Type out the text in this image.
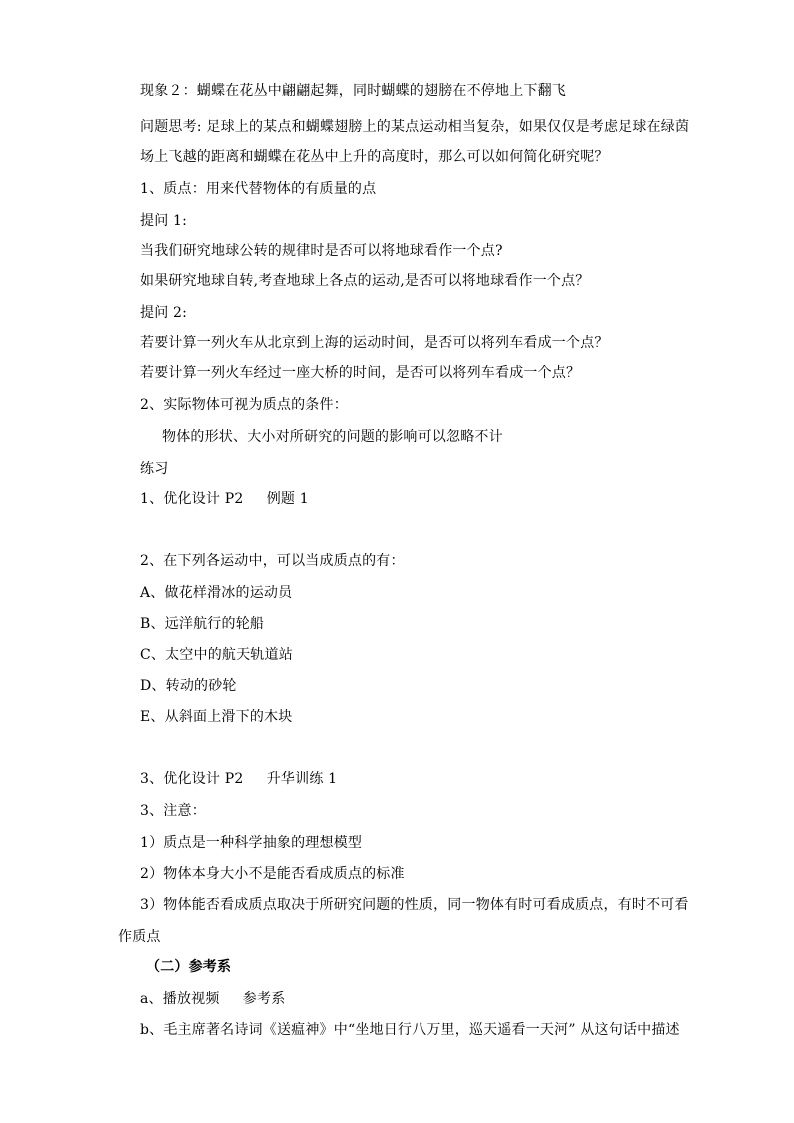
现象２：蝴蝶在花丛中翩翩起舞，同时蝴蝶的翅膀在不停地上下翻飞
问题思考: 足球上的某点和蝴蝶翅膀上的某点运动相当复杂，如果仅仅是考虑足球在绿茵
场上飞越的距离和蝴蝶在花丛中上升的高度时，那么可以如何简化研究呢？
1、质点：用来代替物体的有质量的点
提问 1:
当我们研究地球公转的规律时是否可以将地球看作一个点?
如果研究地球自转,考查地球上各点的运动,是否可以将地球看作一个点？
提问 2:
若要计算一列火车从北京到上海的运动时间，是否可以将列车看成一个点？
若要计算一列火车经过一座大桥的时间，是否可以将列车看成一个点？
2、实际物体可视为质点的条件：
物体的形状、大小对所研究的问题的影响可以忽略不计
练习
1、优化设计 P2     例题 1
2、在下列各运动中，可以当成质点的有：
A、做花样滑冰的运动员
B、远洋航行的轮船
C、太空中的航天轨道站
D、转动的砂轮
E、从斜面上滑下的木块
3、优化设计 P2     升华训练 1
3、注意：
1）质点是一种科学抽象的理想模型
2）物体本身大小不是能否看成质点的标准
3）物体能否看成质点取决于所研究问题的性质，同一物体有时可看成质点，有时不可看
作质点
（二）参考系
a、播放视频     参考系
b、毛主席著名诗词《送瘟神》中“坐地日行八万里，巡天遥看一天河” 从这句话中描述
